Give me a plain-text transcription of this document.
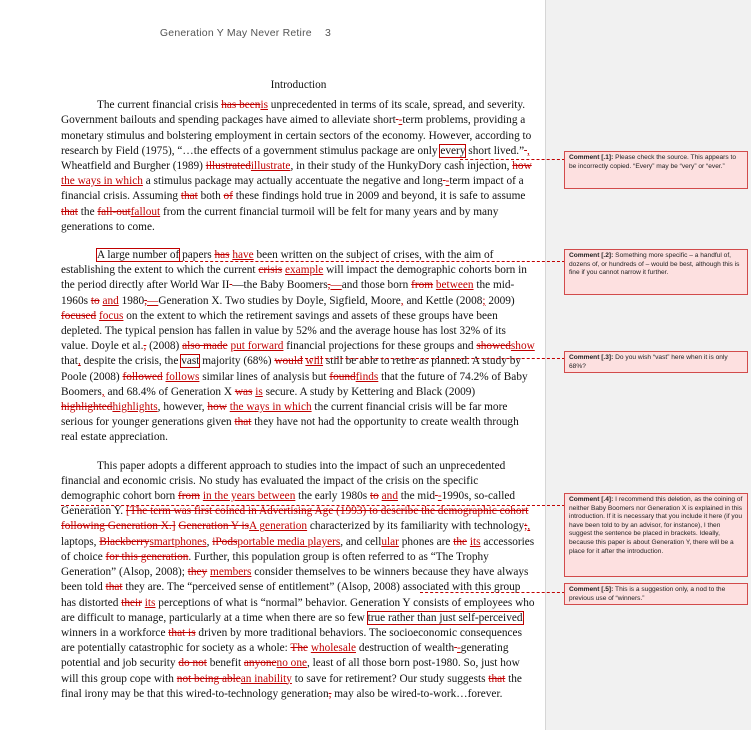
Generation Y May Never Retire 3
Introduction

The current financial crisis has beenis unprecedented in terms of its scale, spread, and severity. Government bailouts and spending packages have aimed to alleviate short -term problems, providing a monetary stimulus and bolstering employment in certain sectors of the economy. However, according to research by Field (1975), “…the effects of a government stimulus package are only every short lived.” , Wheatfield and Burgher (1989) illustratedillustrate, in their study of the HunkyDory cash injection, how the ways in which a stimulus package may actually accentuate the negative and long -term impact of a financial crisis. Assuming that both of these findings hold true in 2009 and beyond, it is safe to assume that the fall-outfallout from the current financial turmoil will be felt for many years and by many generations to come.

A large number of papers has have been written on the subject of crises, with the aim of establishing the extent to which the current crisis example will impact the demographic cohorts born in the period directly after World War II —the Baby Boomers,—and those born from between the mid-1960s to and 1980,—Generation X. Two studies by Doyle, Sigfield, Moore, and Kettle (2008; 2009) focused focus on the extent to which the retirement savings and assets of these groups have been depleted. The typical pension has fallen in value by 52% and the average house has lost 32% of its value. Doyle et al., (2008) also made put forward financial projections for these groups and showedshow that, despite the crisis, the vast majority (68%) would will still be able to retire as planned. A study by Poole (2008) followed follows similar lines of analysis but foundfinds that the future of 74.2% of Baby Boomers, and 68.4% of Generation X was is secure. A study by Kettering and Black (2009) highlightedhighlights, however, how the ways in which the current financial crisis will be far more serious for younger generations given that they have not had the opportunity to create wealth through real estate appreciation.

This paper adopts a different approach to studies into the impact of such an unprecedented financial and economic crisis. No study has evaluated the impact of the crisis on the specific demographic cohort born from in the years between the early 1980s to and the mid -1990s, so-called Generation Y. [The term was first coined in Advertising Age (1993) to describe the demographic cohort following Generation X.] Generation Y isA generation characterized by its familiarity with technology;, laptops, Blackberrysmartphones, iPodsportable media players, and cellular phones are the its accessories of choice for this generation. Further, this population group is often referred to as “The Trophy Generation” (Alsop, 2008); they members consider themselves to be winners because they have always been told that they are. The “perceived sense of entitlement” (Alsop, 2008) associated with this group has distorted their its perceptions of what is “normal” behavior. Generation Y consists of employees who are difficult to manage, particularly at a time when there are so few true rather than just self-perceived winners in a workforce that is driven by more traditional behaviors. The socioeconomic consequences are potentially catastrophic for society as a whole: The wholesale destruction of wealth -generating potential and job security do not benefit anyoneno one, least of all those born post-1980. So, just how will this group cope with not being ablean inability to save for retirement? Our study suggests that the final irony may be that this wired-to-technology generation, may also be wired-to-work…forever.

Comment [.1]: Please check the source. This appears to be incorrectly copied. “Every” may be “very” or “ever.”
Comment [.2]: Something more specific – a handful of, dozens of, or hundreds of – would be best, although this is fine if you cannot narrow it further.
Comment [.3]: Do you wish “vast” here when it is only 68%?
Comment [.4]: I recommend this deletion, as the coining of neither Baby Boomers nor Generation X is explained in this introduction. If it is necessary that you include it here (if you have been told to by an advisor, for instance), I then suggest the sentence be placed in brackets. Ideally, because this paper is about Generation Y, there will be a place for it after the introduction.
Comment [.5]: This is a suggestion only, a nod to the previous use of “winners.”
